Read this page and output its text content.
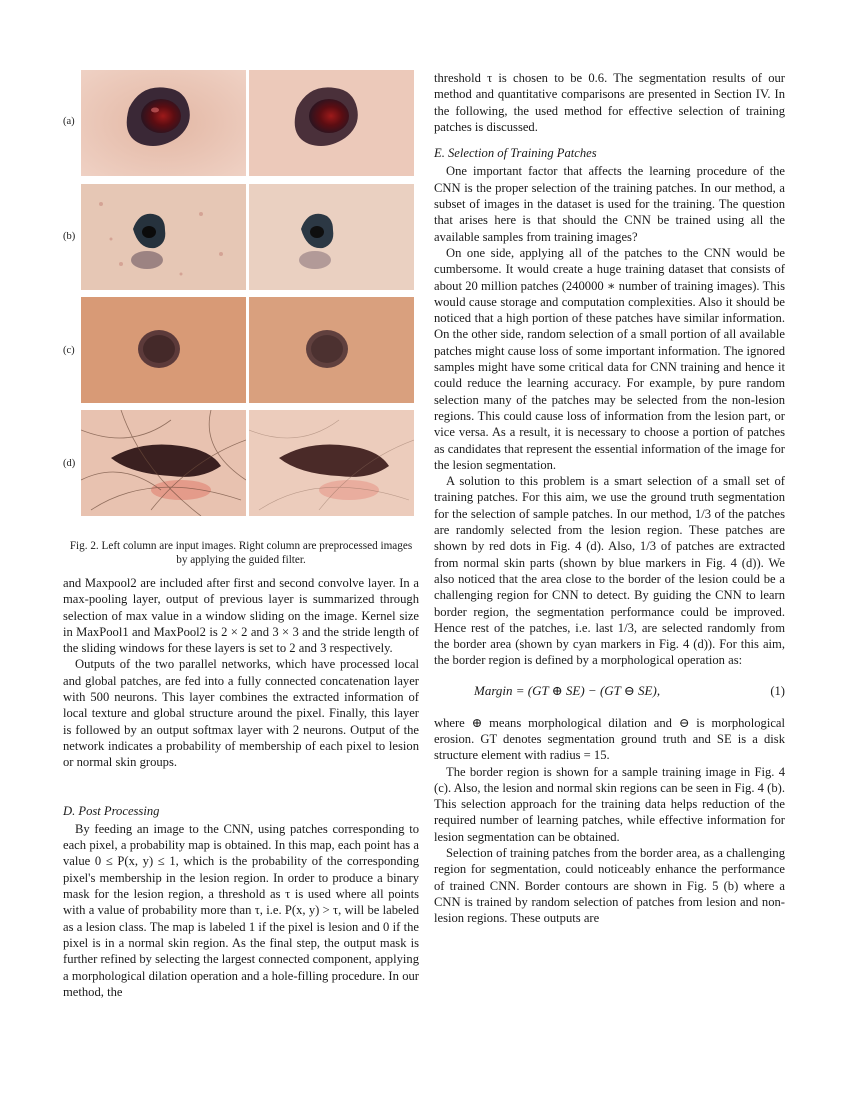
(a)
(b)
(c)
(d)
Fig. 2. Left column are input images. Right column are preprocessed images by applying the guided filter.

and Maxpool2 are included after first and second convolve layer. In a max-pooling layer, output of previous layer is summarized through selection of max value in a window sliding on the image. Kernel size in MaxPool1 and MaxPool2 is 2 × 2 and 3 × 3 and the stride length of the sliding windows for these layers is set to 2 and 3 respectively.

Outputs of the two parallel networks, which have processed local and global patches, are fed into a fully connected concatenation layer with 500 neurons. This layer combines the extracted information of local texture and global structure around the pixel. Finally, this layer is followed by an output softmax layer with 2 neurons. Output of the network indicates a probability of membership of each pixel to lesion or normal skin groups.

D. Post Processing

By feeding an image to the CNN, using patches corresponding to each pixel, a probability map is obtained. In this map, each point has a value 0 ≤ P(x, y) ≤ 1, which is the probability of the corresponding pixel's membership in the lesion region. In order to produce a binary mask for the lesion region, a threshold as τ is used where all points with a value of probability more than τ, i.e. P(x, y) > τ, will be labeled as a lesion class. The map is labeled 1 if the pixel is lesion and 0 if the pixel is in a normal skin region. As the final step, the output mask is further refined by selecting the largest connected component, applying a morphological dilation operation and a hole-filling procedure. In our method, the

threshold τ is chosen to be 0.6. The segmentation results of our method and quantitative comparisons are presented in Section IV. In the following, the used method for effective selection of training patches is discussed.

E. Selection of Training Patches

One important factor that affects the learning procedure of the CNN is the proper selection of the training patches. In our method, a subset of images in the dataset is used for the training. The question that arises here is that should the CNN be trained using all the available samples from training images?

On one side, applying all of the patches to the CNN would be cumbersome. It would create a huge training dataset that consists of about 20 million patches (240000 ∗ number of training images). This would cause storage and computation complexities. Also it should be noticed that a high portion of these patches have similar information. On the other side, random selection of a small portion of all available patches might cause loss of some important information. The ignored samples might have some critical data for CNN training and hence it could reduce the learning accuracy. For example, by pure random selection many of the patches may be selected from the non-lesion regions. This could cause loss of information from the lesion part, or vice versa. As a result, it is necessary to choose a portion of patches as candidates that represent the essential information of the image for the lesion segmentation.

A solution to this problem is a smart selection of a small set of training patches. For this aim, we use the ground truth segmentation for the selection of sample patches. In our method, 1/3 of the patches are randomly selected from the lesion region. These patches are shown by red dots in Fig. 4 (d). Also, 1/3 of patches are extracted from normal skin parts (shown by blue markers in Fig. 4 (d)). We also noticed that the area close to the border of the lesion could be a challenging region for CNN to detect. By guiding the CNN to learn border region, the segmentation performance could be improved. Hence rest of the patches, i.e. last 1/3, are selected randomly from the border area (shown by cyan markers in Fig. 4 (d)). For this aim, the border region is defined by a morphological operation as:

Margin = (GT ⊕ SE) − (GT ⊖ SE),	(1)

where ⊕ means morphological dilation and ⊖ is morphological erosion. GT denotes segmentation ground truth and SE is a disk structure element with radius = 15.

The border region is shown for a sample training image in Fig. 4 (c). Also, the lesion and normal skin regions can be seen in Fig. 4 (b). This selection approach for the training data helps reduction of the required number of learning patches, while effective information for lesion segmentation can be obtained.

Selection of training patches from the border area, as a challenging region for segmentation, could noticeably enhance the performance of trained CNN. Border contours are shown in Fig. 5 (b) where a CNN is trained by random selection of patches from lesion and non-lesion regions. These outputs are
